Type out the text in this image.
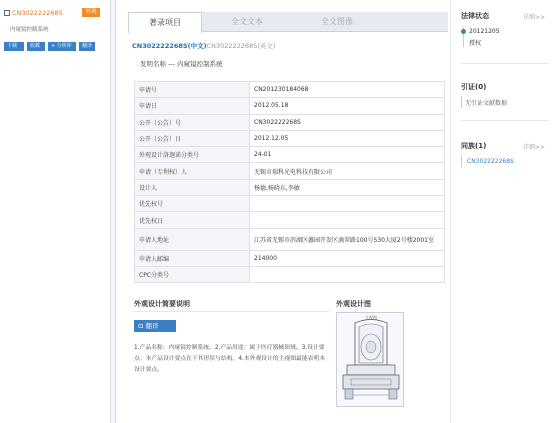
CN302222268S	外观
内窥镜控制系统
下载	收藏	+ 分析库	翻译
著录项目	全文文本	全文图像
CN302222268S(中文)CN302222268S(英文)
发明名称 --- 内窥镜控制系统
申请号	CN201230184068
申请日	2012.05.18
公开（公告）号	CN302222268S
公开（公告）日	2012.12.05
外观设计洛迦诺分类号	24-01
申请（专利权）人	无锡市瑞科光电科技有限公司
设计人	杨德,杨晓东,李敏
优先权号	
优先权日	
申请人地址	江苏省无锡市滨湖区蠡园开发区滴翠路100号530大厦2号楼2001室
申请人邮编	214000
CPC分类号	
外观设计简要说明	外观设计图
⊡ 翻译
1.产品名称：内窥镜控制系统。2.产品用途：属于医疗器械领域。3.设计要点：本产品设计要点在于其形状与结构。4.本外观设计的主视图最能表明本设计要点。
主视图
法律状态	详细>>
20121205
授权
引证(0)
无引证文献数据
同族(1)	详细>>
CN302222268S
